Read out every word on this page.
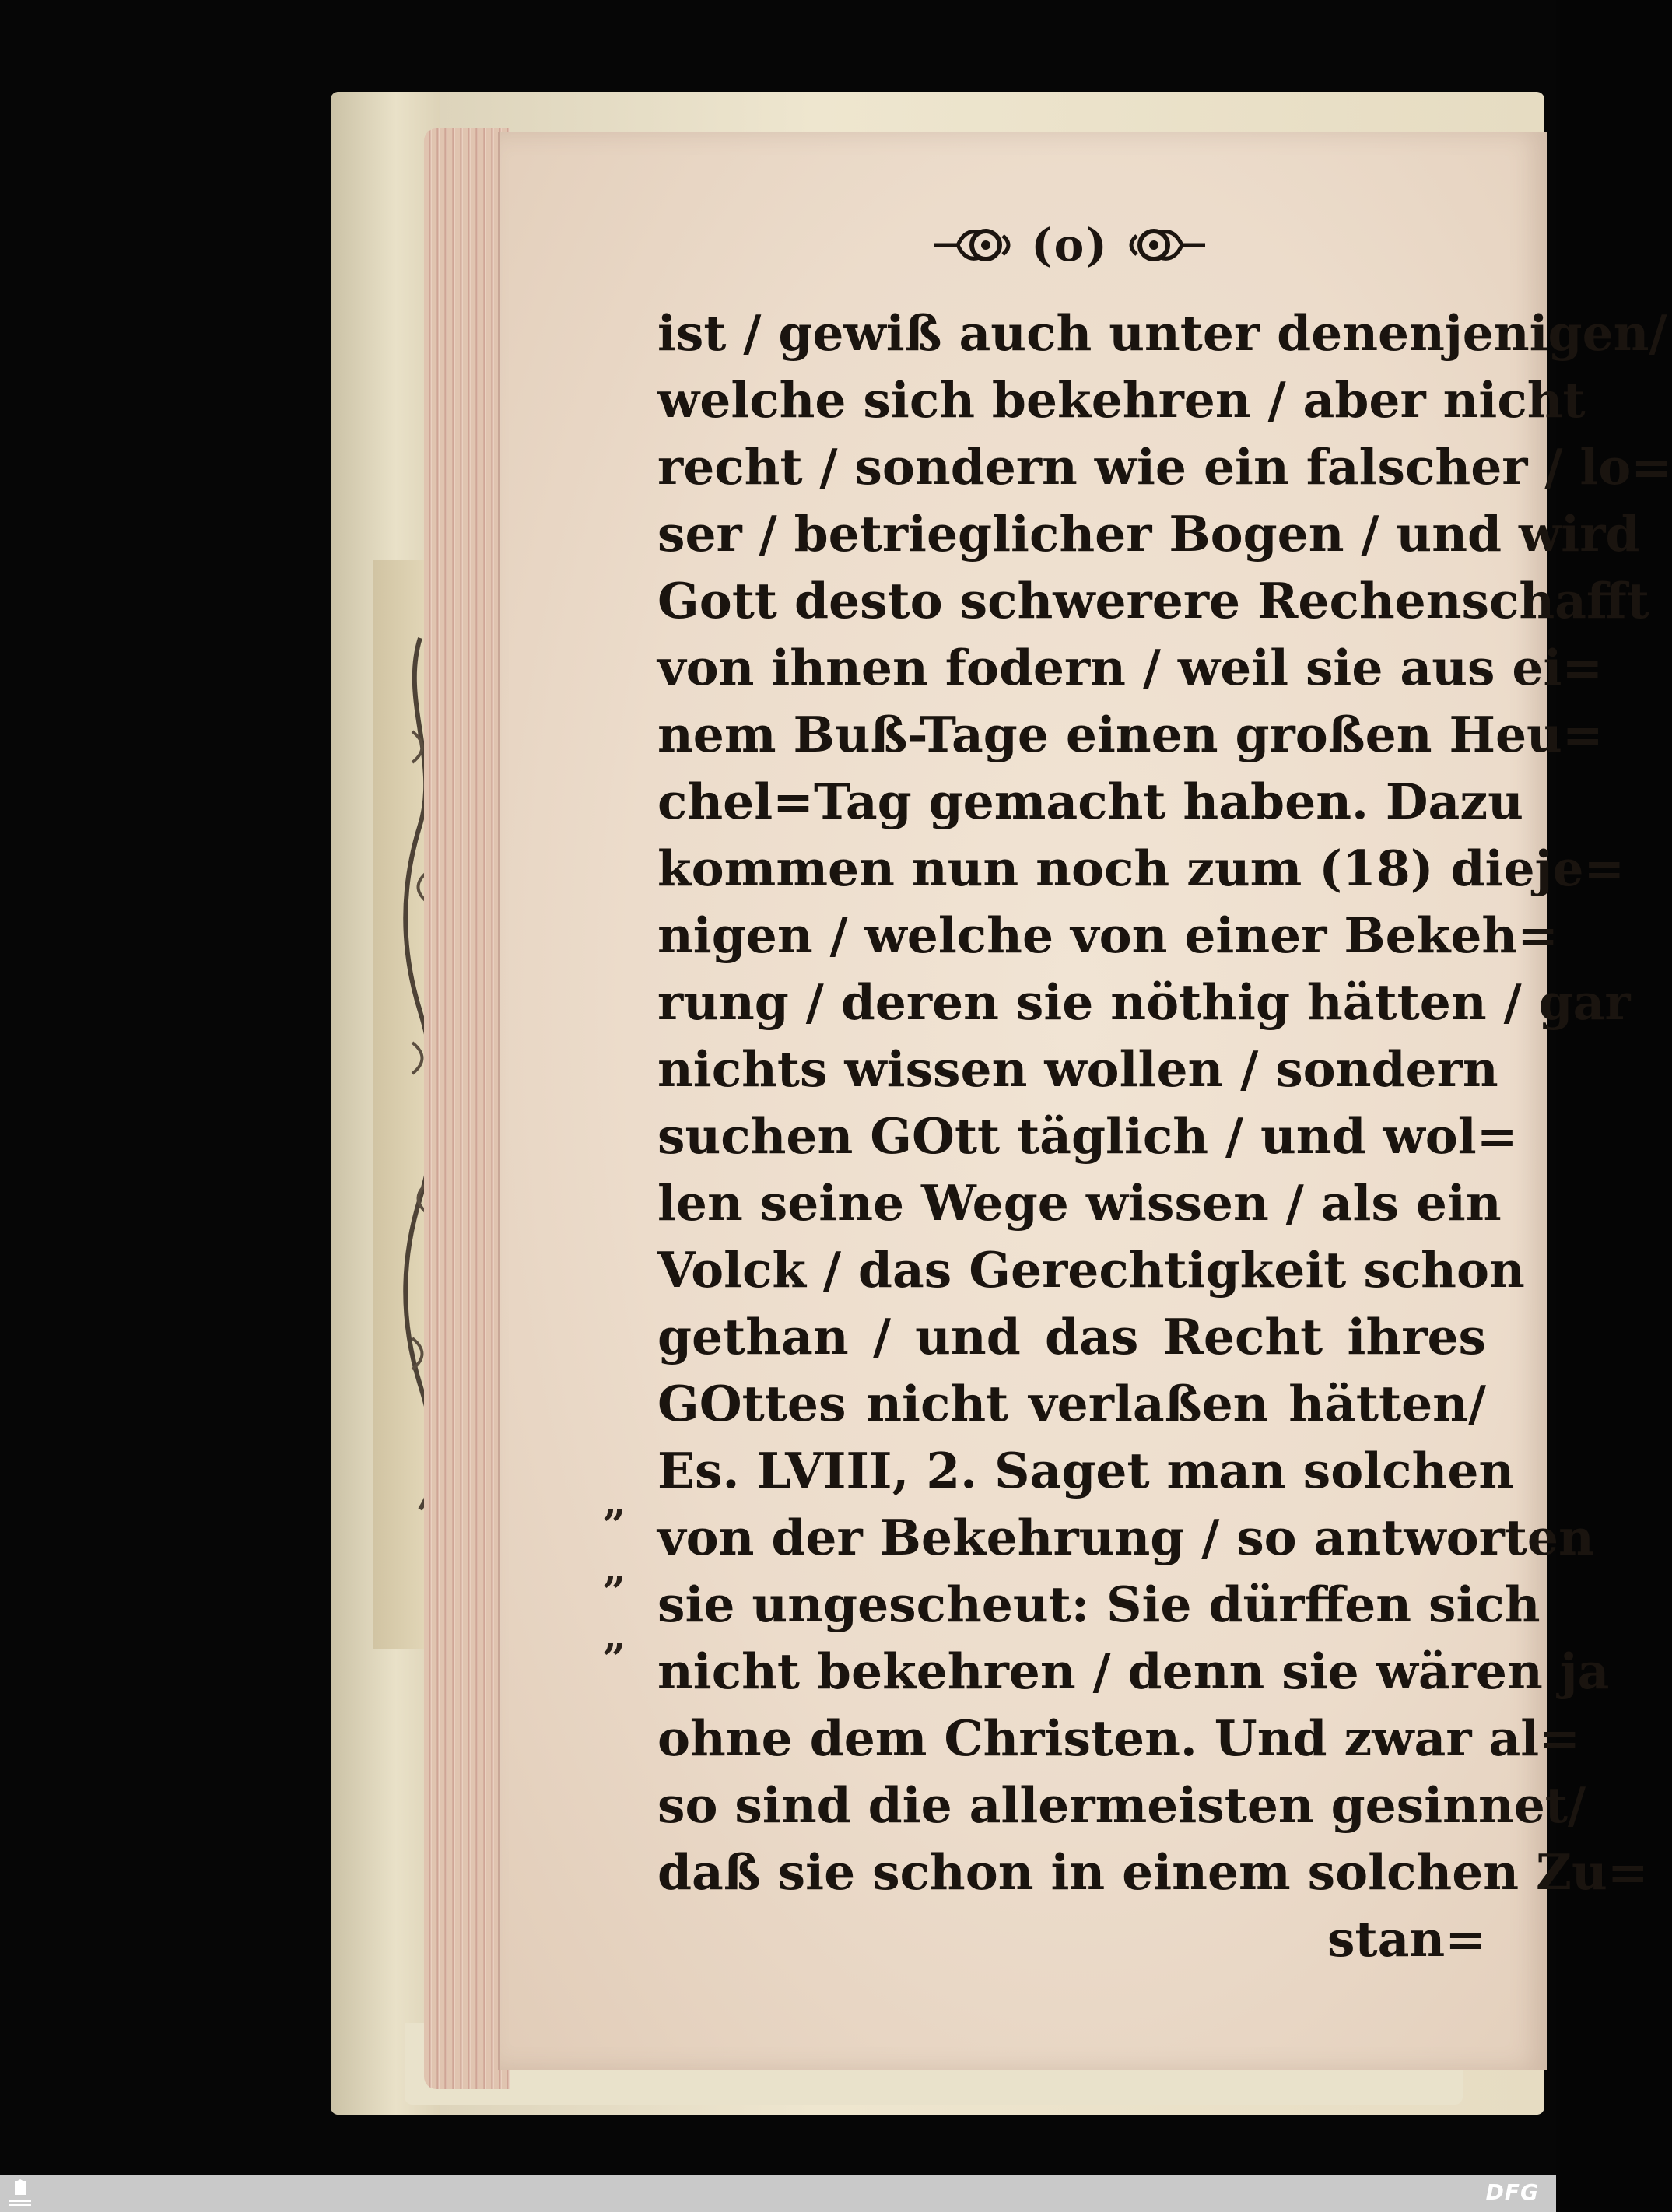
(o)
ist / gewiß auch unter denenjenigen/
welche sich bekehren / aber nicht
recht / sondern wie ein falscher / lo=
ser / betrieglicher Bogen / und wird
Gott desto schwerere Rechenschafft
von ihnen fodern / weil sie aus ei=
nem Buß-Tage einen großen Heu=
chel=Tag gemacht haben. Dazu
kommen nun noch zum (18) dieje=
nigen / welche von einer Bekeh=
rung / deren sie nöthig hätten / gar
nichts wissen wollen / sondern
suchen GOtt täglich / und wol=
len seine Wege wissen / als ein
Volck / das Gerechtigkeit schon
gethan / und das Recht ihres
GOttes nicht verlaßen hätten/
Es. LVIII, 2. Saget man solchen
von der Bekehrung / so antworten
sie ungescheut: Sie dürffen sich
nicht bekehren / denn sie wären ja
ohne dem Christen. Und zwar al=
so sind die allermeisten gesinnet/
daß sie schon in einem solchen Zu=
stan=
„
„
„
DFG
